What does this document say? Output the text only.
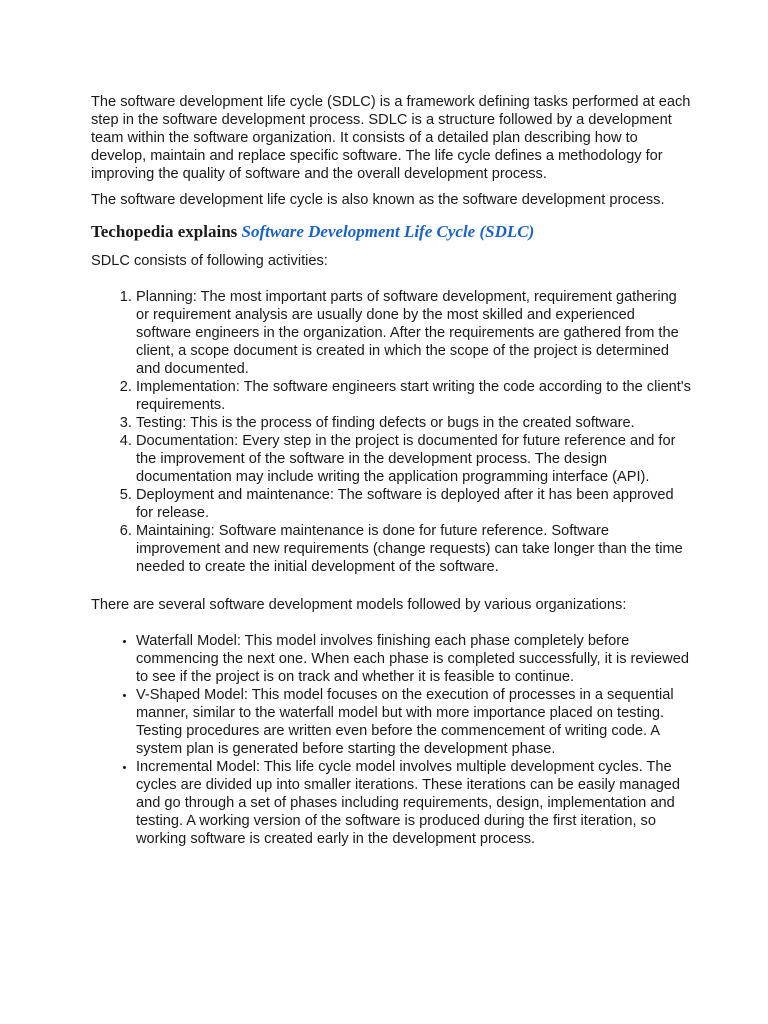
The software development life cycle (SDLC) is a framework defining tasks performed at each step in the software development process. SDLC is a structure followed by a development team within the software organization. It consists of a detailed plan describing how to develop, maintain and replace specific software. The life cycle defines a methodology for improving the quality of software and the overall development process.

The software development life cycle is also known as the software development process.

Techopedia explains Software Development Life Cycle (SDLC)

SDLC consists of following activities:

1. Planning: The most important parts of software development, requirement gathering or requirement analysis are usually done by the most skilled and experienced software engineers in the organization. After the requirements are gathered from the client, a scope document is created in which the scope of the project is determined and documented.
2. Implementation: The software engineers start writing the code according to the client's requirements.
3. Testing: This is the process of finding defects or bugs in the created software.
4. Documentation: Every step in the project is documented for future reference and for the improvement of the software in the development process. The design documentation may include writing the application programming interface (API).
5. Deployment and maintenance: The software is deployed after it has been approved for release.
6. Maintaining: Software maintenance is done for future reference. Software improvement and new requirements (change requests) can take longer than the time needed to create the initial development of the software.

There are several software development models followed by various organizations:

• Waterfall Model: This model involves finishing each phase completely before commencing the next one. When each phase is completed successfully, it is reviewed to see if the project is on track and whether it is feasible to continue.
• V-Shaped Model: This model focuses on the execution of processes in a sequential manner, similar to the waterfall model but with more importance placed on testing. Testing procedures are written even before the commencement of writing code. A system plan is generated before starting the development phase.
• Incremental Model: This life cycle model involves multiple development cycles. The cycles are divided up into smaller iterations. These iterations can be easily managed and go through a set of phases including requirements, design, implementation and testing. A working version of the software is produced during the first iteration, so working software is created early in the development process.
